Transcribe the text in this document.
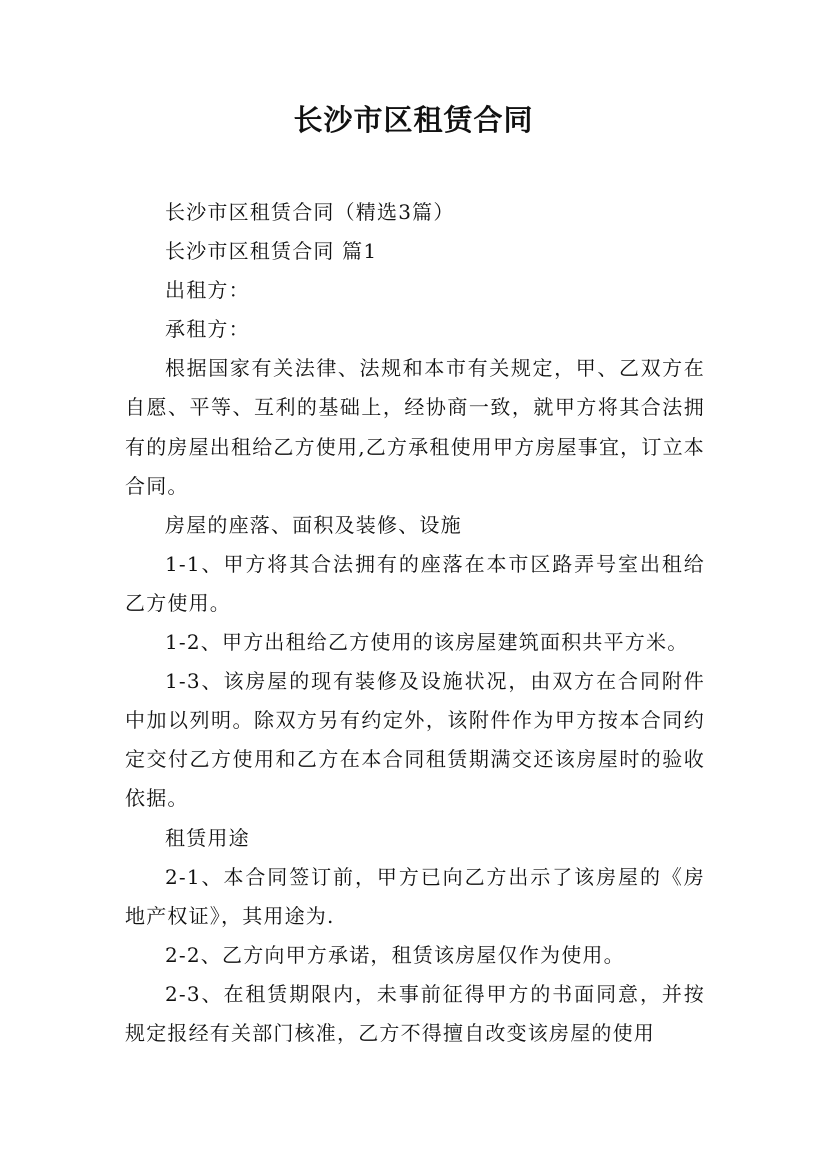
长沙市区租赁合同

长沙市区租赁合同（精选3篇）

长沙市区租赁合同 篇1

出租方：

承租方：

根据国家有关法律、法规和本市有关规定，甲、乙双方在自愿、平等、互利的基础上，经协商一致，就甲方将其合法拥有的房屋出租给乙方使用,乙方承租使用甲方房屋事宜，订立本合同。

房屋的座落、面积及装修、设施

1-1、甲方将其合法拥有的座落在本市区路弄号室出租给乙方使用。

1-2、甲方出租给乙方使用的该房屋建筑面积共平方米。

1-3、该房屋的现有装修及设施状况，由双方在合同附件中加以列明。除双方另有约定外，该附件作为甲方按本合同约定交付乙方使用和乙方在本合同租赁期满交还该房屋时的验收依据。

租赁用途

2-1、本合同签订前，甲方已向乙方出示了该房屋的《房地产权证》，其用途为.

2-2、乙方向甲方承诺，租赁该房屋仅作为使用。

2-3、在租赁期限内，未事前征得甲方的书面同意，并按规定报经有关部门核准，乙方不得擅自改变该房屋的使用
